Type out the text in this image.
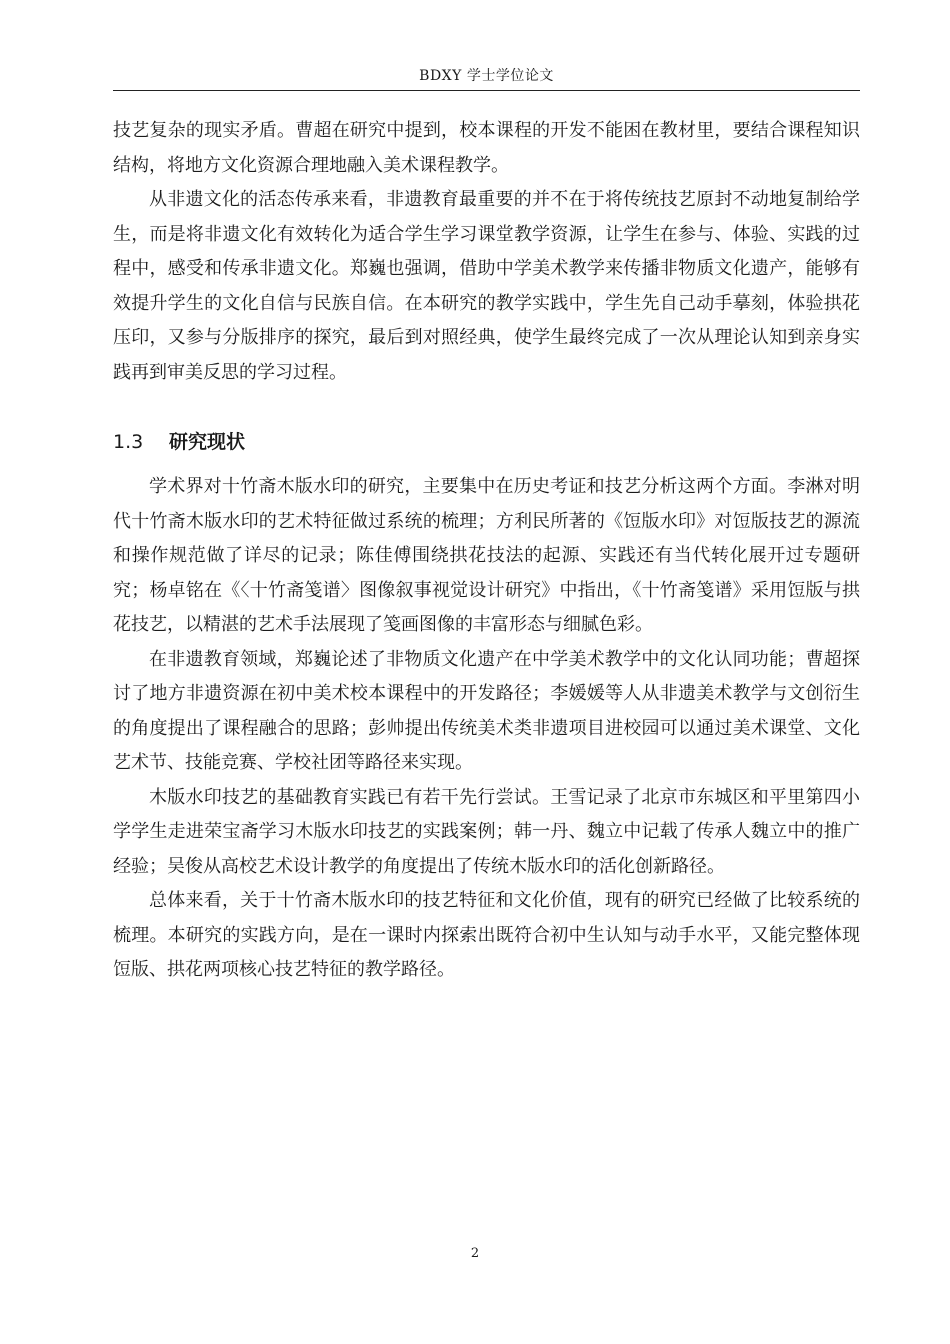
BDXY 学士学位论文

技艺复杂的现实矛盾。曹超在研究中提到，校本课程的开发不能困在教材里，要结合课程知识结构，将地方文化资源合理地融入美术课程教学。

从非遗文化的活态传承来看，非遗教育最重要的并不在于将传统技艺原封不动地复制给学生，而是将非遗文化有效转化为适合学生学习课堂教学资源，让学生在参与、体验、实践的过程中，感受和传承非遗文化。郑巍也强调，借助中学美术教学来传播非物质文化遗产，能够有效提升学生的文化自信与民族自信。在本研究的教学实践中，学生先自己动手摹刻，体验拱花压印，又参与分版排序的探究，最后到对照经典，使学生最终完成了一次从理论认知到亲身实践再到审美反思的学习过程。

1.3 研究现状

学术界对十竹斋木版水印的研究，主要集中在历史考证和技艺分析这两个方面。李淋对明代十竹斋木版水印的艺术特征做过系统的梳理；方利民所著的《饾版水印》对饾版技艺的源流和操作规范做了详尽的记录；陈佳傅围绕拱花技法的起源、实践还有当代转化展开过专题研究；杨卓铭在《〈十竹斋笺谱〉图像叙事视觉设计研究》中指出，《十竹斋笺谱》采用饾版与拱花技艺，以精湛的艺术手法展现了笺画图像的丰富形态与细腻色彩。

在非遗教育领域，郑巍论述了非物质文化遗产在中学美术教学中的文化认同功能；曹超探讨了地方非遗资源在初中美术校本课程中的开发路径；李媛媛等人从非遗美术教学与文创衍生的角度提出了课程融合的思路；彭帅提出传统美术类非遗项目进校园可以通过美术课堂、文化艺术节、技能竞赛、学校社团等路径来实现。

木版水印技艺的基础教育实践已有若干先行尝试。王雪记录了北京市东城区和平里第四小学学生走进荣宝斋学习木版水印技艺的实践案例；韩一丹、魏立中记载了传承人魏立中的推广经验；吴俊从高校艺术设计教学的角度提出了传统木版水印的活化创新路径。

总体来看，关于十竹斋木版水印的技艺特征和文化价值，现有的研究已经做了比较系统的梳理。本研究的实践方向，是在一课时内探索出既符合初中生认知与动手水平，又能完整体现饾版、拱花两项核心技艺特征的教学路径。

2
